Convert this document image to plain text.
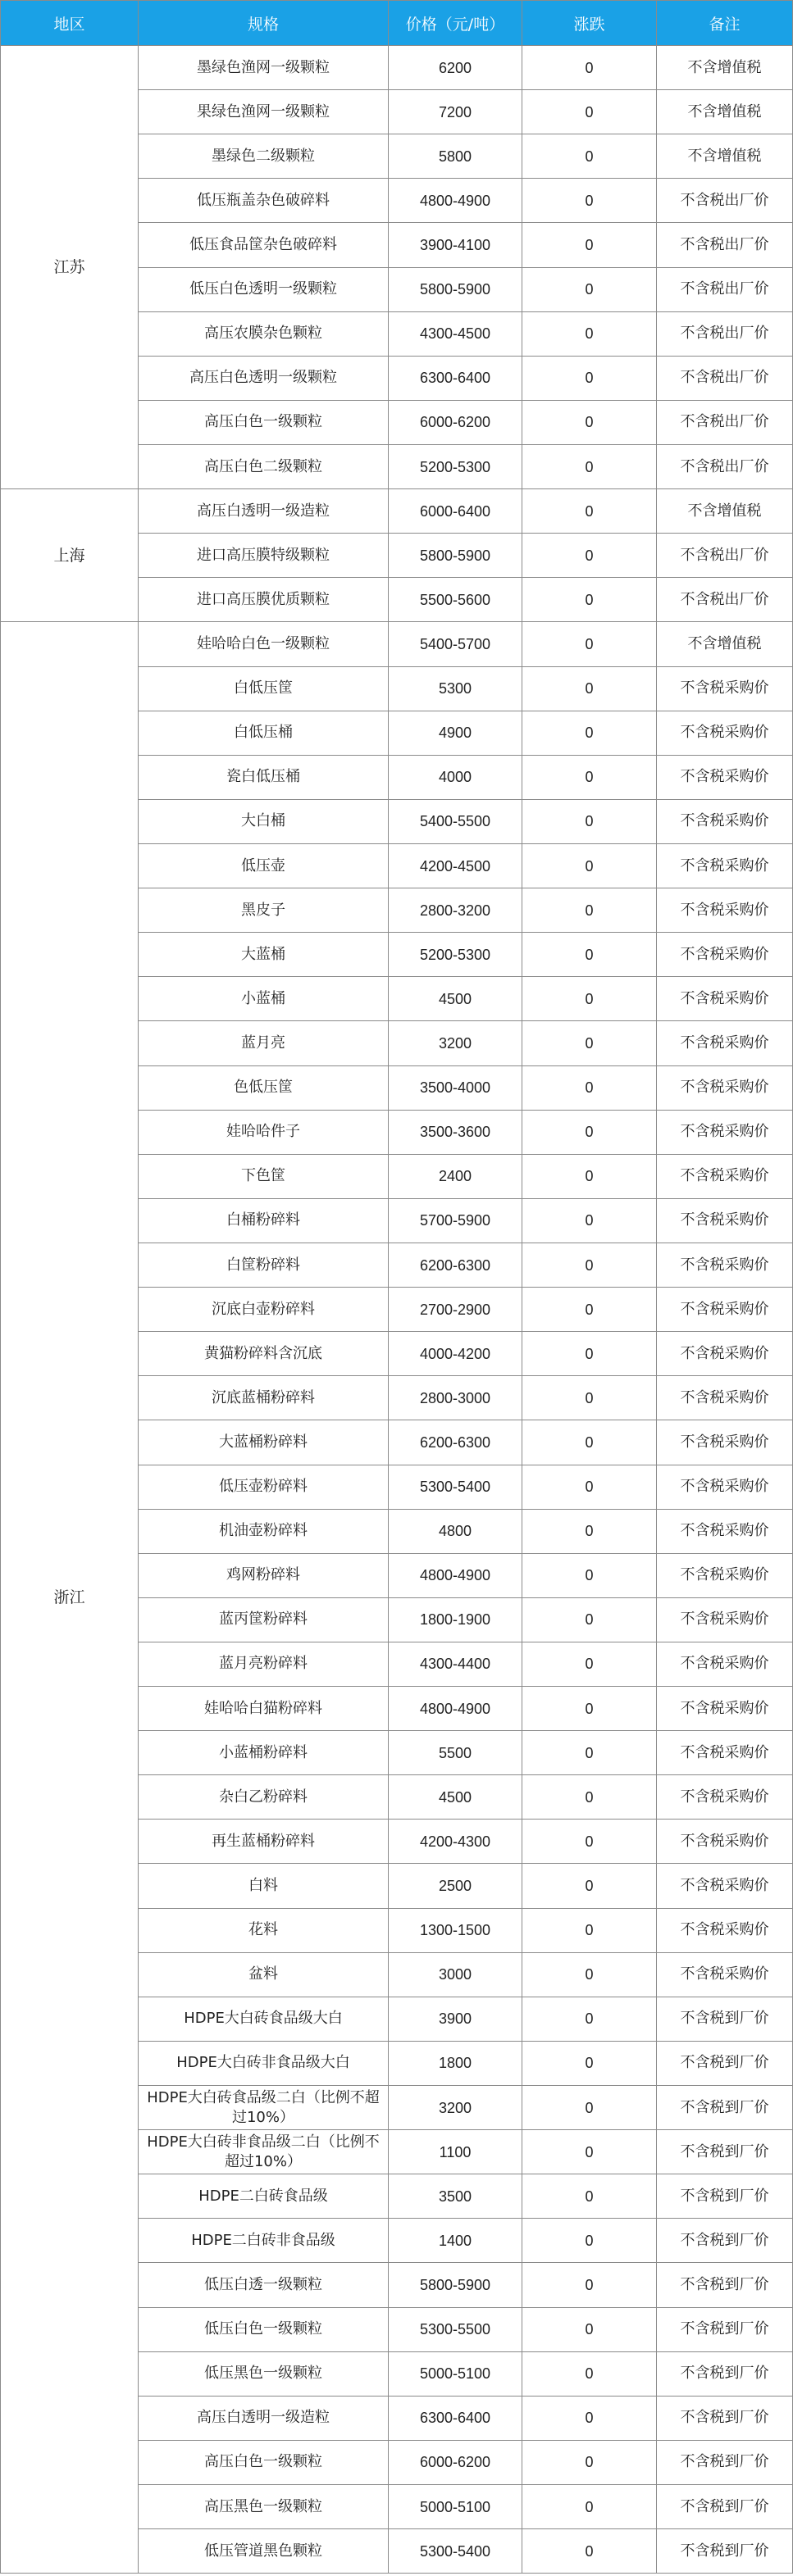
地区	规格	价格（元/吨）	涨跌	备注
江苏	墨绿色渔网一级颗粒	6200	0	不含增值税
	果绿色渔网一级颗粒	7200	0	不含增值税
	墨绿色二级颗粒	5800	0	不含增值税
	低压瓶盖杂色破碎料	4800-4900	0	不含税出厂价
	低压食品筐杂色破碎料	3900-4100	0	不含税出厂价
	低压白色透明一级颗粒	5800-5900	0	不含税出厂价
	高压农膜杂色颗粒	4300-4500	0	不含税出厂价
	高压白色透明一级颗粒	6300-6400	0	不含税出厂价
	高压白色一级颗粒	6000-6200	0	不含税出厂价
	高压白色二级颗粒	5200-5300	0	不含税出厂价
上海	高压白透明一级造粒	6000-6400	0	不含增值税
	进口高压膜特级颗粒	5800-5900	0	不含税出厂价
	进口高压膜优质颗粒	5500-5600	0	不含税出厂价
浙江	娃哈哈白色一级颗粒	5400-5700	0	不含增值税
	白低压筐	5300	0	不含税采购价
	白低压桶	4900	0	不含税采购价
	瓷白低压桶	4000	0	不含税采购价
	大白桶	5400-5500	0	不含税采购价
	低压壶	4200-4500	0	不含税采购价
	黑皮子	2800-3200	0	不含税采购价
	大蓝桶	5200-5300	0	不含税采购价
	小蓝桶	4500	0	不含税采购价
	蓝月亮	3200	0	不含税采购价
	色低压筐	3500-4000	0	不含税采购价
	娃哈哈件子	3500-3600	0	不含税采购价
	下色筐	2400	0	不含税采购价
	白桶粉碎料	5700-5900	0	不含税采购价
	白筐粉碎料	6200-6300	0	不含税采购价
	沉底白壶粉碎料	2700-2900	0	不含税采购价
	黄猫粉碎料含沉底	4000-4200	0	不含税采购价
	沉底蓝桶粉碎料	2800-3000	0	不含税采购价
	大蓝桶粉碎料	6200-6300	0	不含税采购价
	低压壶粉碎料	5300-5400	0	不含税采购价
	机油壶粉碎料	4800	0	不含税采购价
	鸡网粉碎料	4800-4900	0	不含税采购价
	蓝丙筐粉碎料	1800-1900	0	不含税采购价
	蓝月亮粉碎料	4300-4400	0	不含税采购价
	娃哈哈白猫粉碎料	4800-4900	0	不含税采购价
	小蓝桶粉碎料	5500	0	不含税采购价
	杂白乙粉碎料	4500	0	不含税采购价
	再生蓝桶粉碎料	4200-4300	0	不含税采购价
	白料	2500	0	不含税采购价
	花料	1300-1500	0	不含税采购价
	盆料	3000	0	不含税采购价
	HDPE大白砖食品级大白	3900	0	不含税到厂价
	HDPE大白砖非食品级大白	1800	0	不含税到厂价
	HDPE大白砖食品级二白（比例不超过10%）	3200	0	不含税到厂价
	HDPE大白砖非食品级二白（比例不超过10%）	1100	0	不含税到厂价
	HDPE二白砖食品级	3500	0	不含税到厂价
	HDPE二白砖非食品级	1400	0	不含税到厂价
	低压白透一级颗粒	5800-5900	0	不含税到厂价
	低压白色一级颗粒	5300-5500	0	不含税到厂价
	低压黑色一级颗粒	5000-5100	0	不含税到厂价
	高压白透明一级造粒	6300-6400	0	不含税到厂价
	高压白色一级颗粒	6000-6200	0	不含税到厂价
	高压黑色一级颗粒	5000-5100	0	不含税到厂价
	低压管道黑色颗粒	5300-5400	0	不含税到厂价
